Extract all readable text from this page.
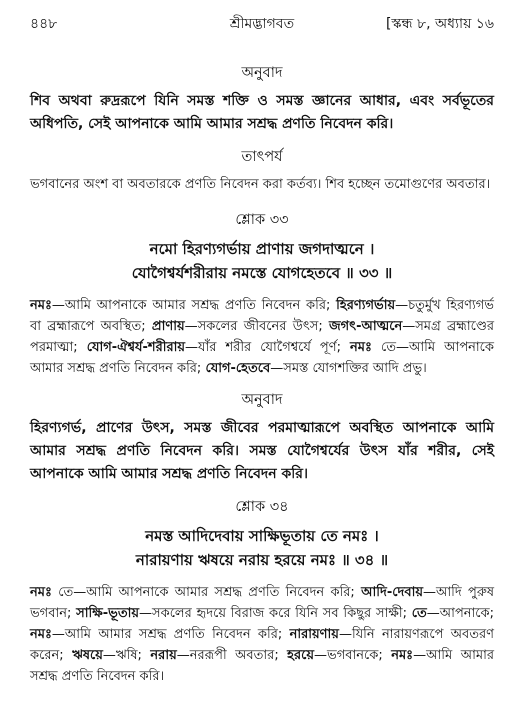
৪৪৮	শ্রীমদ্ভাগবত	[স্কন্ধ ৮, অধ্যায় ১৬
অনুবাদ

শিব অথবা রুদ্ররূপে যিনি সমস্ত শক্তি ও সমস্ত জ্ঞানের আধার, এবং সর্বভূতের অধিপতি, সেই আপনাকে আমি আমার সশ্রদ্ধ প্রণতি নিবেদন করি।

তাৎপর্য

ভগবানের অংশ বা অবতারকে প্রণতি নিবেদন করা কর্তব্য। শিব হচ্ছেন তমোগুণের অবতার।

শ্লোক ৩৩

নমো হিরণ্যগর্ভায় প্রাণায় জগদাত্মনে ।
যোগৈশ্বর্যশরীরায় নমস্তে যোগহেতবে ॥ ৩৩ ॥

নমঃ—আমি আপনাকে আমার সশ্রদ্ধ প্রণতি নিবেদন করি; হিরণ্যগর্ভায়—চতুর্মুখ হিরণ্যগর্ভ বা ব্রহ্মারূপে অবস্থিত; প্রাণায়—সকলের জীবনের উৎস; জগৎ-আত্মনে—সমগ্র ব্রহ্মাণ্ডের পরমাত্মা; যোগ-ঐশ্বর্য-শরীরায়—যাঁর শরীর যোগৈশ্বর্যে পূর্ণ; নমঃ তে—আমি আপনাকে আমার সশ্রদ্ধ প্রণতি নিবেদন করি; যোগ-হেতবে—সমস্ত যোগশক্তির আদি প্রভু।

অনুবাদ

হিরণ্যগর্ভ, প্রাণের উৎস, সমস্ত জীবের পরমাত্মারূপে অবস্থিত আপনাকে আমি আমার সশ্রদ্ধ প্রণতি নিবেদন করি। সমস্ত যোগৈশ্বর্যের উৎস যাঁর শরীর, সেই আপনাকে আমি আমার সশ্রদ্ধ প্রণতি নিবেদন করি।

শ্লোক ৩৪

নমস্ত আদিদেবায় সাক্ষিভূতায় তে নমঃ ।
নারায়ণায় ঋষয়ে নরায় হরয়ে নমঃ ॥ ৩৪ ॥

নমঃ তে—আমি আপনাকে আমার সশ্রদ্ধ প্রণতি নিবেদন করি; আদি-দেবায়—আদি পুরুষ ভগবান; সাক্ষি-ভূতায়—সকলের হৃদয়ে বিরাজ করে যিনি সব কিছুর সাক্ষী; তে—আপনাকে; নমঃ—আমি আমার সশ্রদ্ধ প্রণতি নিবেদন করি; নারায়ণায়—যিনি নারায়ণরূপে অবতরণ করেন; ঋষয়ে—ঋষি; নরায়—নররূপী অবতার; হরয়ে—ভগবানকে; নমঃ—আমি আমার সশ্রদ্ধ প্রণতি নিবেদন করি।
